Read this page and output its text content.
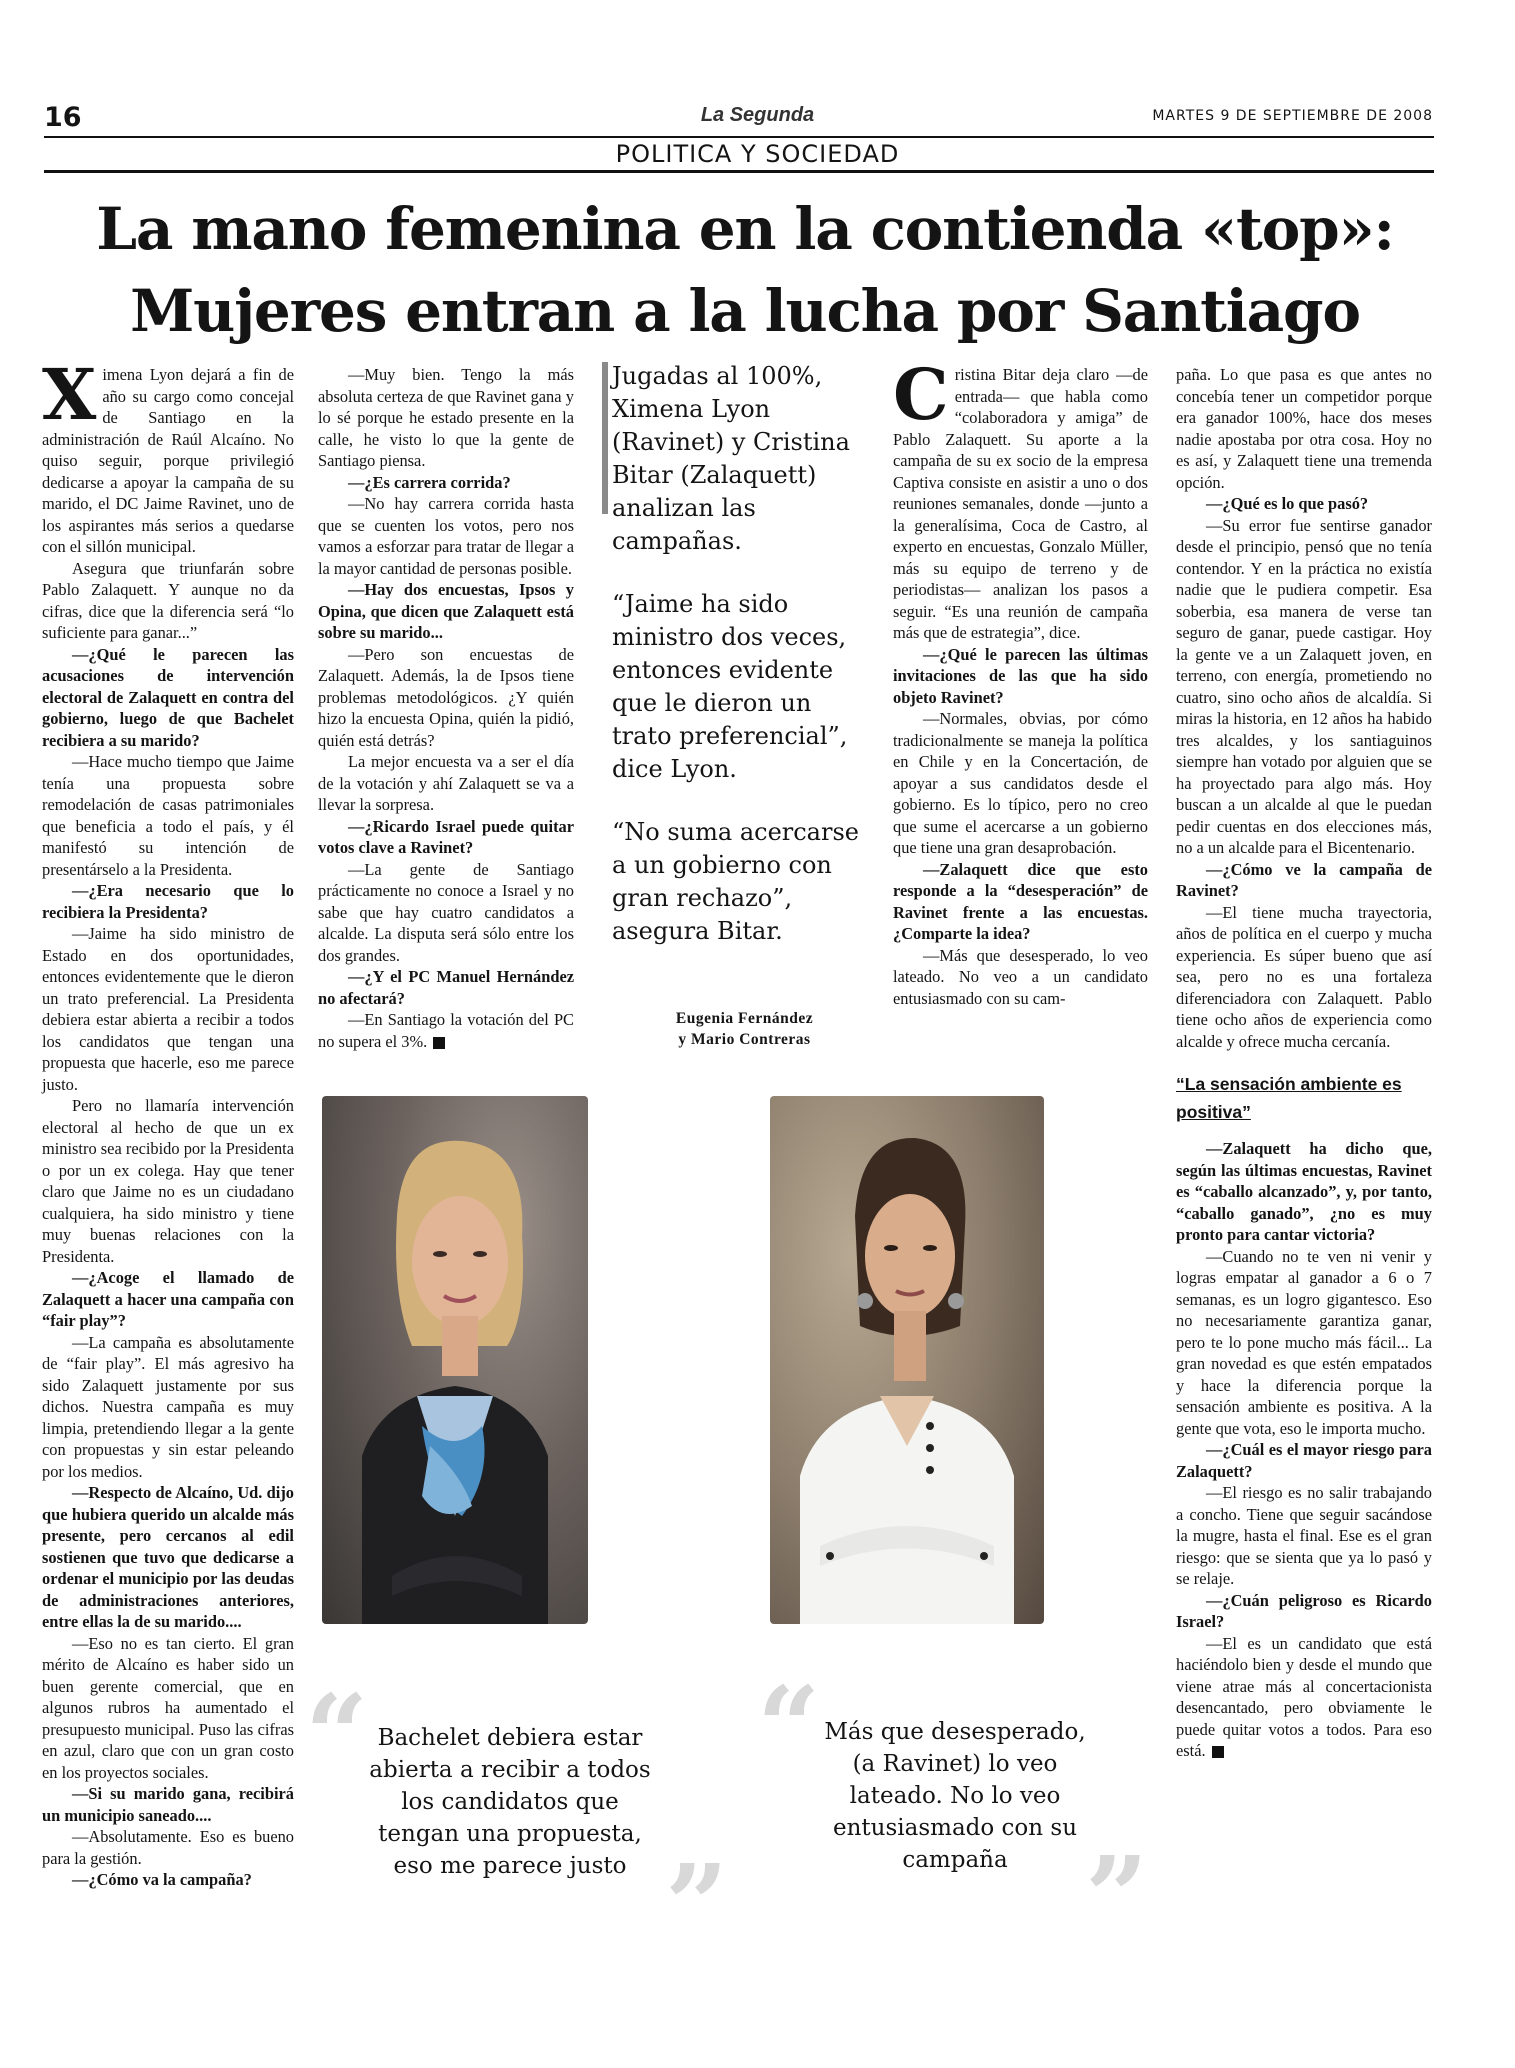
16	La Segunda	MARTES 9 DE SEPTIEMBRE DE 2008
POLITICA Y SOCIEDAD
La mano femenina en la contienda «top»:
Mujeres entran a la lucha por Santiago

Ximena Lyon dejará a fin de año su cargo como concejal de Santiago en la administración de Raúl Alcaíno. No quiso seguir, porque privilegió dedicarse a apoyar la campaña de su marido, el DC Jaime Ravinet, uno de los aspirantes más serios a quedarse con el sillón municipal.

Asegura que triunfarán sobre Pablo Zalaquett. Y aunque no da cifras, dice que la diferencia será “lo suficiente para ganar...”

—¿Qué le parecen las acusaciones de intervención electoral de Zalaquett en contra del gobierno, luego de que Bachelet recibiera a su marido?

—Hace mucho tiempo que Jaime tenía una propuesta sobre remodelación de casas patrimoniales que beneficia a todo el país, y él manifestó su intención de presentárselo a la Presidenta.

—¿Era necesario que lo recibiera la Presidenta?

—Jaime ha sido ministro de Estado en dos oportunidades, entonces evidentemente que le dieron un trato preferencial. La Presidenta debiera estar abierta a recibir a todos los candidatos que tengan una propuesta que hacerle, eso me parece justo.

Pero no llamaría intervención electoral al hecho de que un ex ministro sea recibido por la Presidenta o por un ex colega. Hay que tener claro que Jaime no es un ciudadano cualquiera, ha sido ministro y tiene muy buenas relaciones con la Presidenta.

—¿Acoge el llamado de Zalaquett a hacer una campaña con “fair play”?

—La campaña es absolutamente de “fair play”. El más agresivo ha sido Zalaquett justamente por sus dichos. Nuestra campaña es muy limpia, pretendiendo llegar a la gente con propuestas y sin estar peleando por los medios.

—Respecto de Alcaíno, Ud. dijo que hubiera querido un alcalde más presente, pero cercanos al edil sostienen que tuvo que dedicarse a ordenar el municipio por las deudas de administraciones anteriores, entre ellas la de su marido....

—Eso no es tan cierto. El gran mérito de Alcaíno es haber sido un buen gerente comercial, que en algunos rubros ha aumentado el presupuesto municipal. Puso las cifras en azul, claro que con un gran costo en los proyectos sociales.

—Si su marido gana, recibirá un municipio saneado....

—Absolutamente. Eso es bueno para la gestión.

—¿Cómo va la campaña?

—Muy bien. Tengo la más absoluta certeza de que Ravinet gana y lo sé porque he estado presente en la calle, he visto lo que la gente de Santiago piensa.

—¿Es carrera corrida?

—No hay carrera corrida hasta que se cuenten los votos, pero nos vamos a esforzar para tratar de llegar a la mayor cantidad de personas posible.

—Hay dos encuestas, Ipsos y Opina, que dicen que Zalaquett está sobre su marido...

—Pero son encuestas de Zalaquett. Además, la de Ipsos tiene problemas metodológicos. ¿Y quién hizo la encuesta Opina, quién la pidió, quién está detrás?

La mejor encuesta va a ser el día de la votación y ahí Zalaquett se va a llevar la sorpresa.

—¿Ricardo Israel puede quitar votos clave a Ravinet?

—La gente de Santiago prácticamente no conoce a Israel y no sabe que hay cuatro candidatos a alcalde. La disputa será sólo entre los dos grandes.

—¿Y el PC Manuel Hernández no afectará?

—En Santiago la votación del PC no supera el 3%.

Jugadas al 100%, Ximena Lyon (Ravinet) y Cristina Bitar (Zalaquett) analizan las campañas.

“Jaime ha sido ministro dos veces, entonces evidente que le dieron un trato preferencial”, dice Lyon.

“No suma acercarse a un gobierno con gran rechazo”, asegura Bitar.

Eugenia Fernández
y Mario Contreras

Cristina Bitar deja claro —de entrada— que habla como “colaboradora y amiga” de Pablo Zalaquett. Su aporte a la campaña de su ex socio de la empresa Captiva consiste en asistir a uno o dos reuniones semanales, donde —junto a la generalísima, Coca de Castro, al experto en encuestas, Gonzalo Müller, más su equipo de terreno y de periodistas— analizan los pasos a seguir. “Es una reunión de campaña más que de estrategia”, dice.

—¿Qué le parecen las últimas invitaciones de las que ha sido objeto Ravinet?

—Normales, obvias, por cómo tradicionalmente se maneja la política en Chile y en la Concertación, de apoyar a sus candidatos desde el gobierno. Es lo típico, pero no creo que sume el acercarse a un gobierno que tiene una gran desaprobación.

—Zalaquett dice que esto responde a la “desesperación” de Ravinet frente a las encuestas. ¿Comparte la idea?

—Más que desesperado, lo veo lateado. No veo a un candidato entusiasmado con su cam-

paña. Lo que pasa es que antes no concebía tener un competidor porque era ganador 100%, hace dos meses nadie apostaba por otra cosa. Hoy no es así, y Zalaquett tiene una tremenda opción.

—¿Qué es lo que pasó?

—Su error fue sentirse ganador desde el principio, pensó que no tenía contendor. Y en la práctica no existía nadie que le pudiera competir. Esa soberbia, esa manera de verse tan seguro de ganar, puede castigar. Hoy la gente ve a un Zalaquett joven, en terreno, con energía, prometiendo no cuatro, sino ocho años de alcaldía. Si miras la historia, en 12 años ha habido tres alcaldes, y los santiaguinos siempre han votado por alguien que se ha proyectado para algo más. Hoy buscan a un alcalde al que le puedan pedir cuentas en dos elecciones más, no a un alcalde para el Bicentenario.

—¿Cómo ve la campaña de Ravinet?

—El tiene mucha trayectoria, años de política en el cuerpo y mucha experiencia. Es súper bueno que así sea, pero no es una fortaleza diferenciadora con Zalaquett. Pablo tiene ocho años de experiencia como alcalde y ofrece mucha cercanía.

“La sensación ambiente es positiva”

—Zalaquett ha dicho que, según las últimas encuestas, Ravinet es “caballo alcanzado”, y, por tanto, “caballo ganado”, ¿no es muy pronto para cantar victoria?

—Cuando no te ven ni venir y logras empatar al ganador a 6 o 7 semanas, es un logro gigantesco. Eso no necesariamente garantiza ganar, pero te lo pone mucho más fácil... La gran novedad es que estén empatados y hace la diferencia porque la sensación ambiente es positiva. A la gente que vota, eso le importa mucho.

—¿Cuál es el mayor riesgo para Zalaquett?

—El riesgo es no salir trabajando a concho. Tiene que seguir sacándose la mugre, hasta el final. Ese es el gran riesgo: que se sienta que ya lo pasó y se relaje.

—¿Cuán peligroso es Ricardo Israel?

—El es un candidato que está haciéndolo bien y desde el mundo que viene atrae más al concertacionista desencantado, pero obviamente le puede quitar votos a todos. Para eso está.

“ Bachelet debiera estar abierta a recibir a todos los candidatos que tengan una propuesta, eso me parece justo ”
“ Más que desesperado, (a Ravinet) lo veo lateado. No lo veo entusiasmado con su campaña ”
